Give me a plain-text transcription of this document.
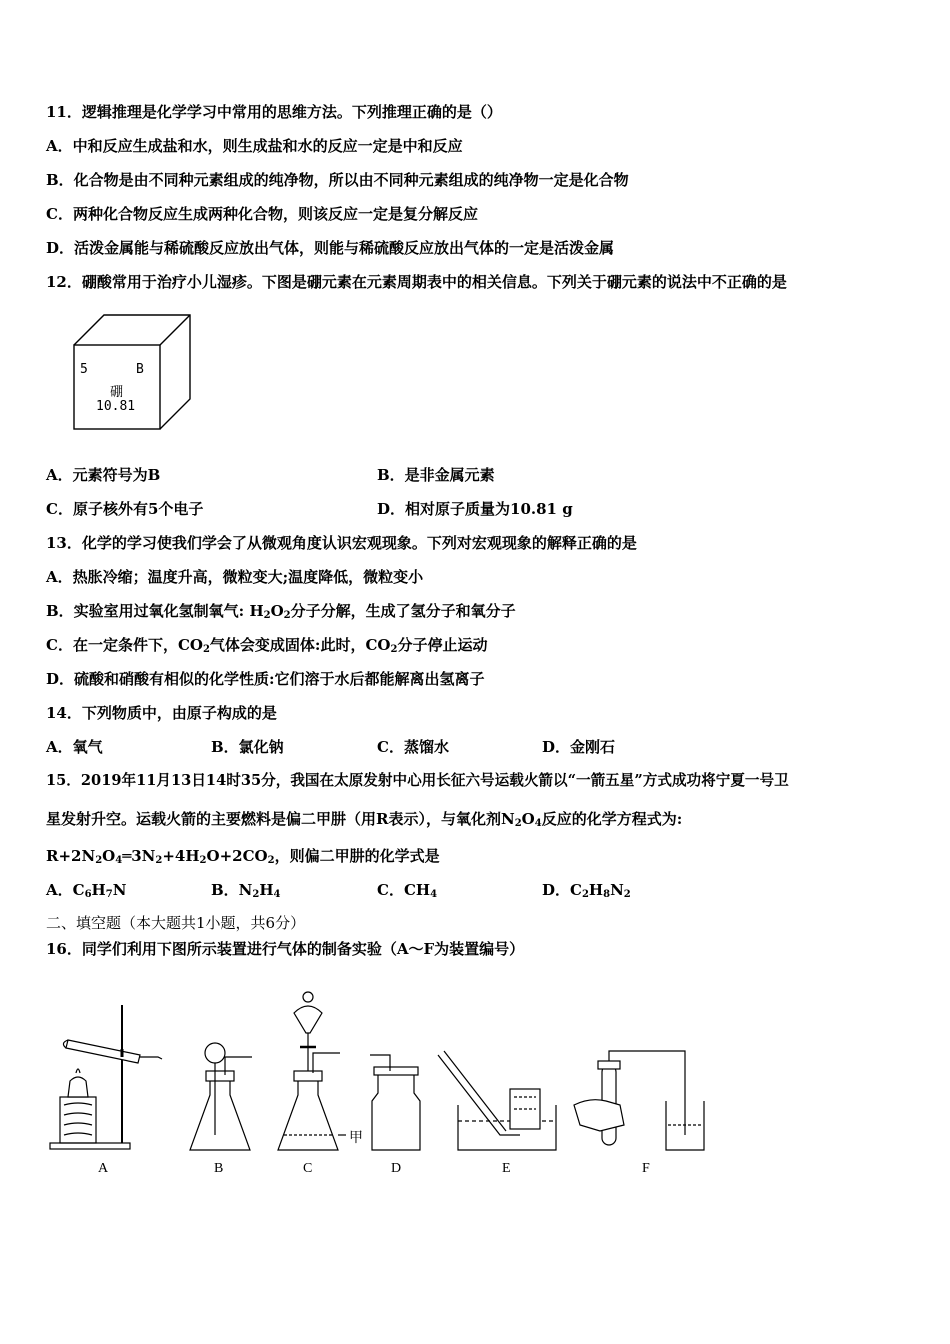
11．逻辑推理是化学学习中常用的思维方法。下列推理正确的是（）
A．中和反应生成盐和水，则生成盐和水的反应一定是中和反应
B．化合物是由不同种元素组成的纯净物，所以由不同种元素组成的纯净物一定是化合物
C．两种化合物反应生成两种化合物，则该反应一定是复分解反应
D．活泼金属能与稀硫酸反应放出气体，则能与稀硫酸反应放出气体的一定是活泼金属
12．硼酸常用于治疗小儿湿疹。下图是硼元素在元素周期表中的相关信息。下列关于硼元素的说法中不正确的是
5	B
硼
10.81
A．元素符号为B	B．是非金属元素
C．原子核外有5个电子	D．相对原子质量为10.81 g
13．化学的学习使我们学会了从微观角度认识宏观现象。下列对宏观现象的解释正确的是
A．热胀冷缩；温度升高，微粒变大;温度降低，微粒变小
B．实验室用过氧化氢制氧气: $H_2O_2$分子分解，生成了氢分子和氧分子
C．在一定条件下，$CO_2$气体会变成固体:此时，$CO_2$分子停止运动
D．硫酸和硝酸有相似的化学性质:它们溶于水后都能解离出氢离子
14．下列物质中，由原子构成的是
A．氧气	B．氯化钠	C．蒸馏水	D．金刚石
15．2019年11月13日14时35分，我国在太原发射中心用长征六号运载火箭以“一箭五星”方式成功将宁夏一号卫
星发射升空。运载火箭的主要燃料是偏二甲肼（用R表示），与氧化剂$N_2O_4$反应的化学方程式为:
$R+2N_2O_4═3N_2+4H_2O+2CO_2$，则偏二甲肼的化学式是
A．$C_6H_7N$	B．$N_2H_4$	C．$CH_4$	D．$C_2H_8N_2$
二、填空题（本大题共1小题，共6分）
16．同学们利用下图所示装置进行气体的制备实验（A～F为装置编号）
A	B	C	D	E	F
甲
